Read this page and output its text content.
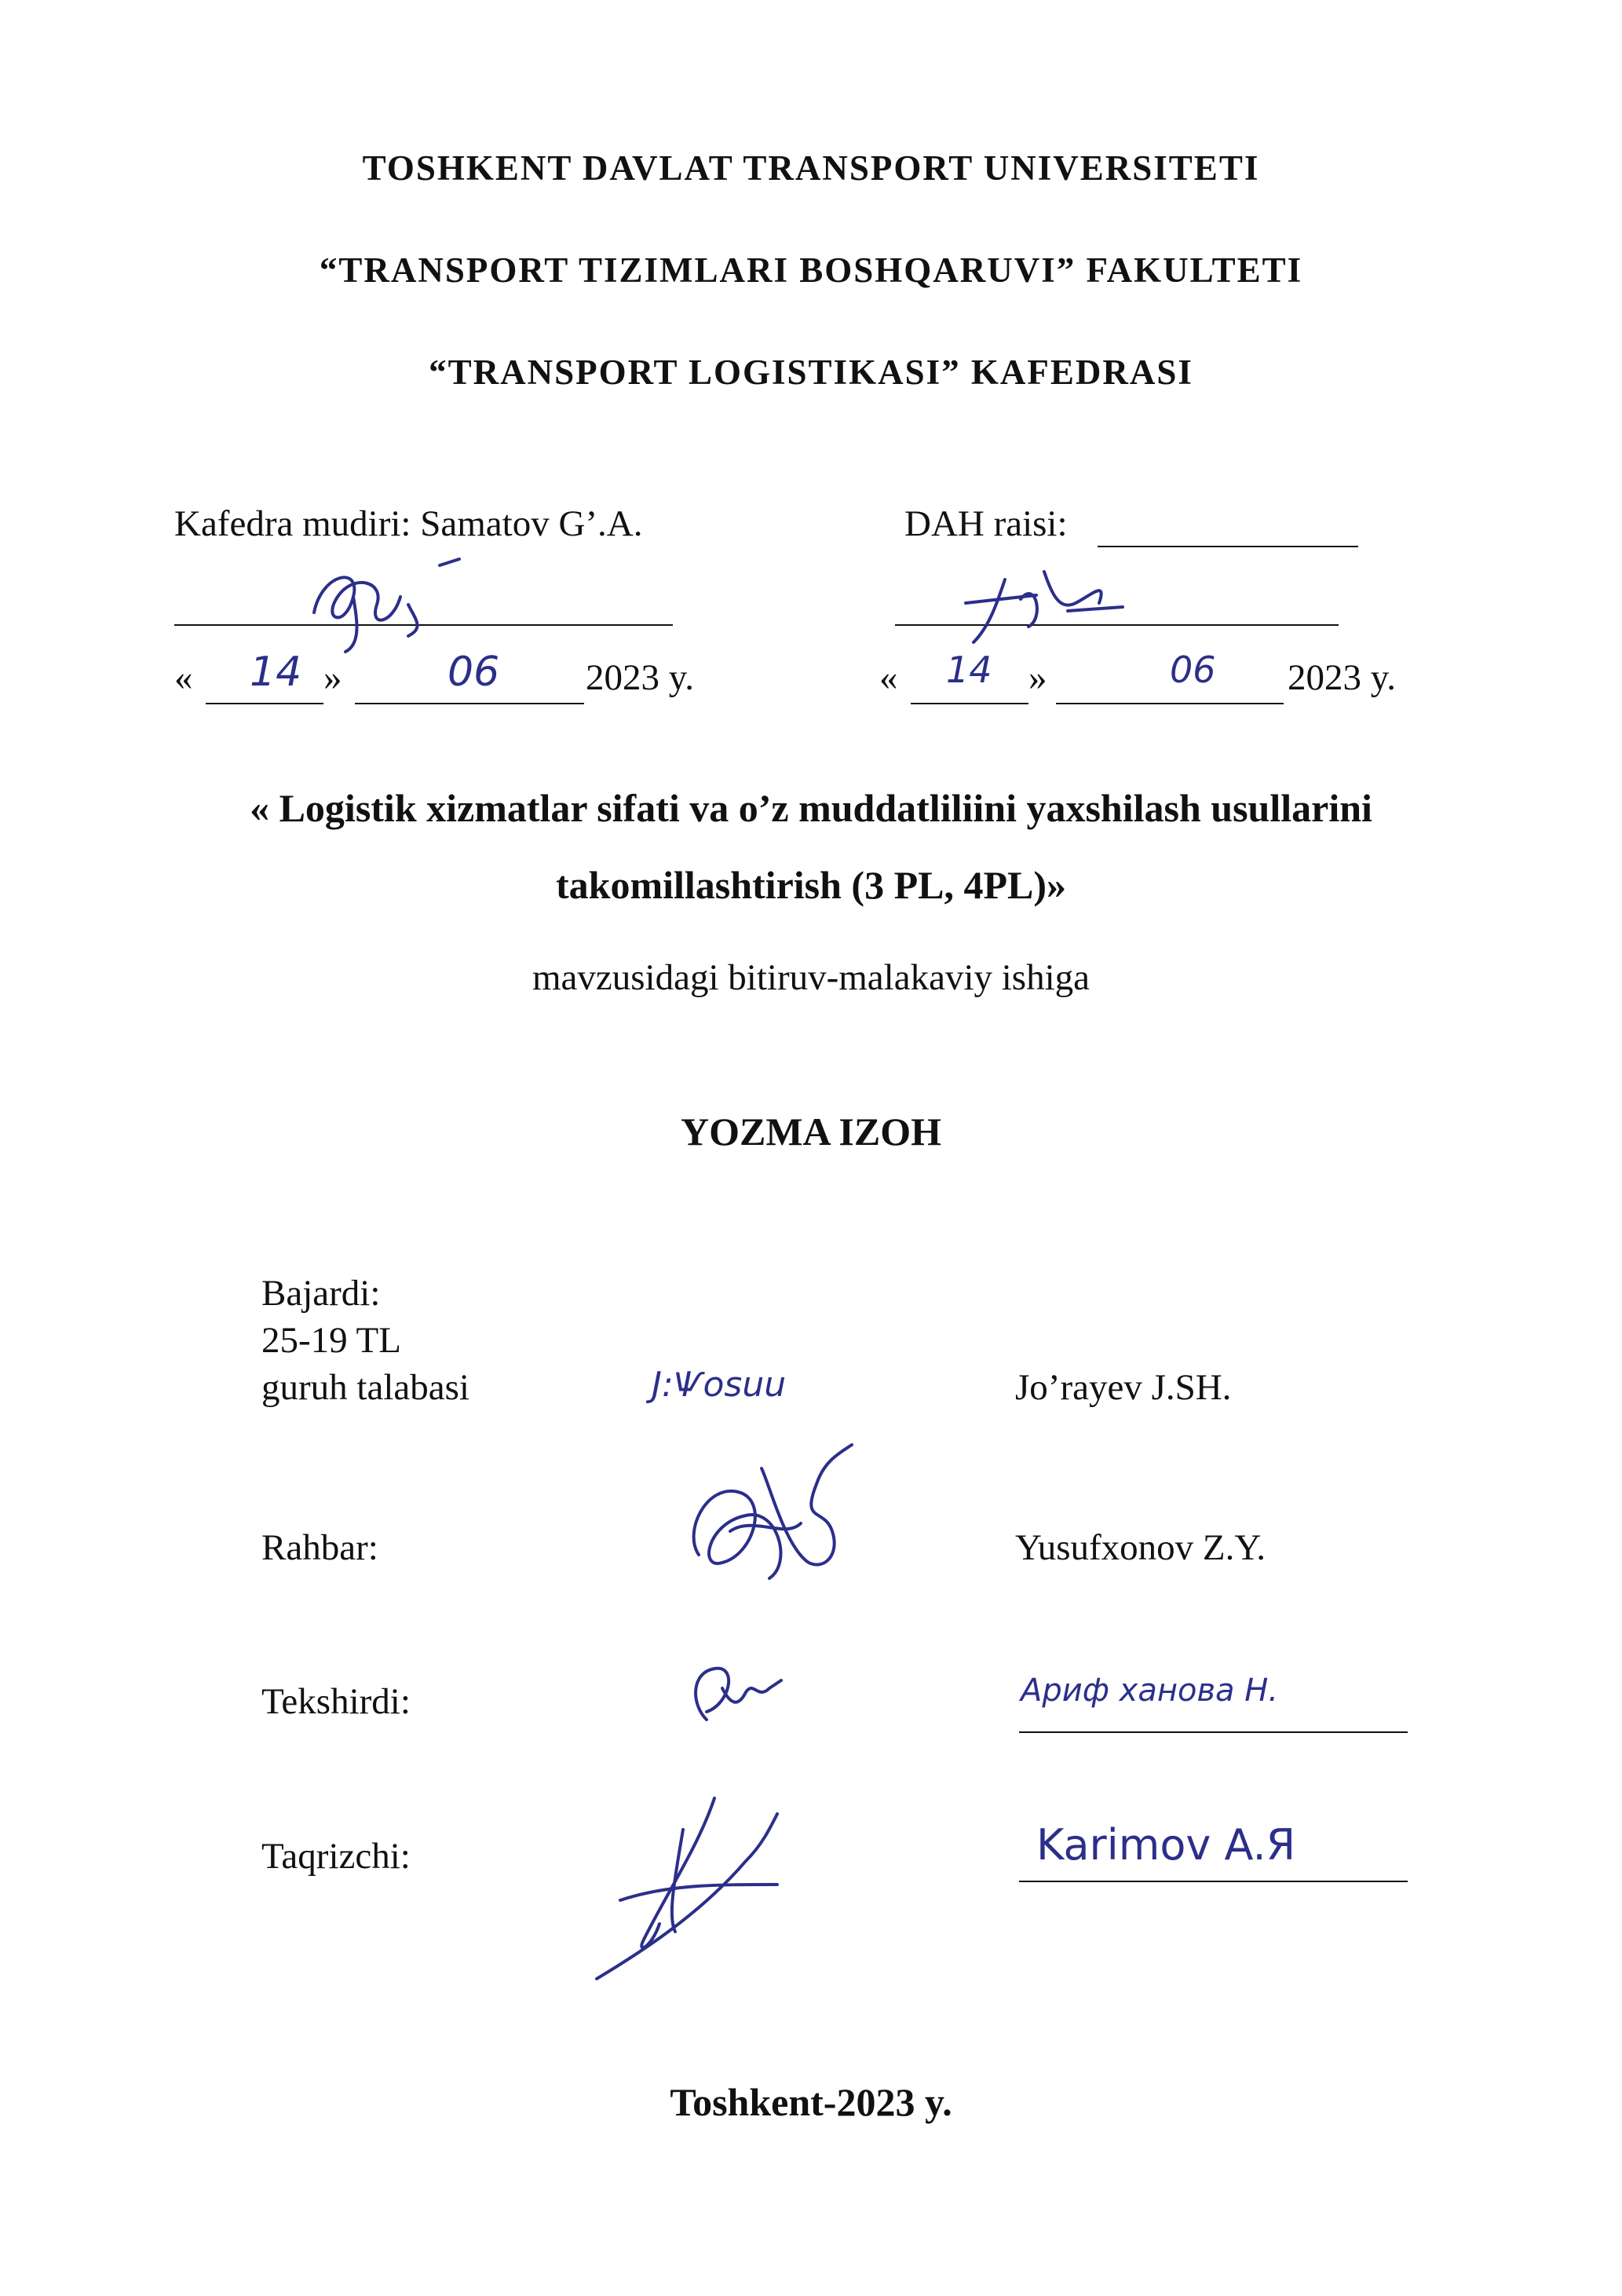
TOSHKENT DAVLAT TRANSPORT UNIVERSITETI
“TRANSPORT TIZIMLARI BOSHQARUVI” FAKULTETI
“TRANSPORT LOGISTIKASI” KAFEDRASI
Kafedra mudiri: Samatov G’.A.
« 14 »	06 2023 y.
DAH raisi:
« 14 »	06 2023 y.
« Logistik xizmatlar sifati va o’z muddatliliini yaxshilash usullarini
takomillashtirish (3 PL, 4PL)»
mavzusidagi bitiruv-malakaviy ishiga
YOZMA IZOH
Bajardi:
25-19 TL
guruh talabasi	J:Ѱosuu	Jo’rayev J.SH.
Rahbar:	Yusufxonov Z.Y.
Tekshirdi:	Ариф xaнoвa Н.
Taqrizchi:	Karimov A.Я
Toshkent-2023 y.
